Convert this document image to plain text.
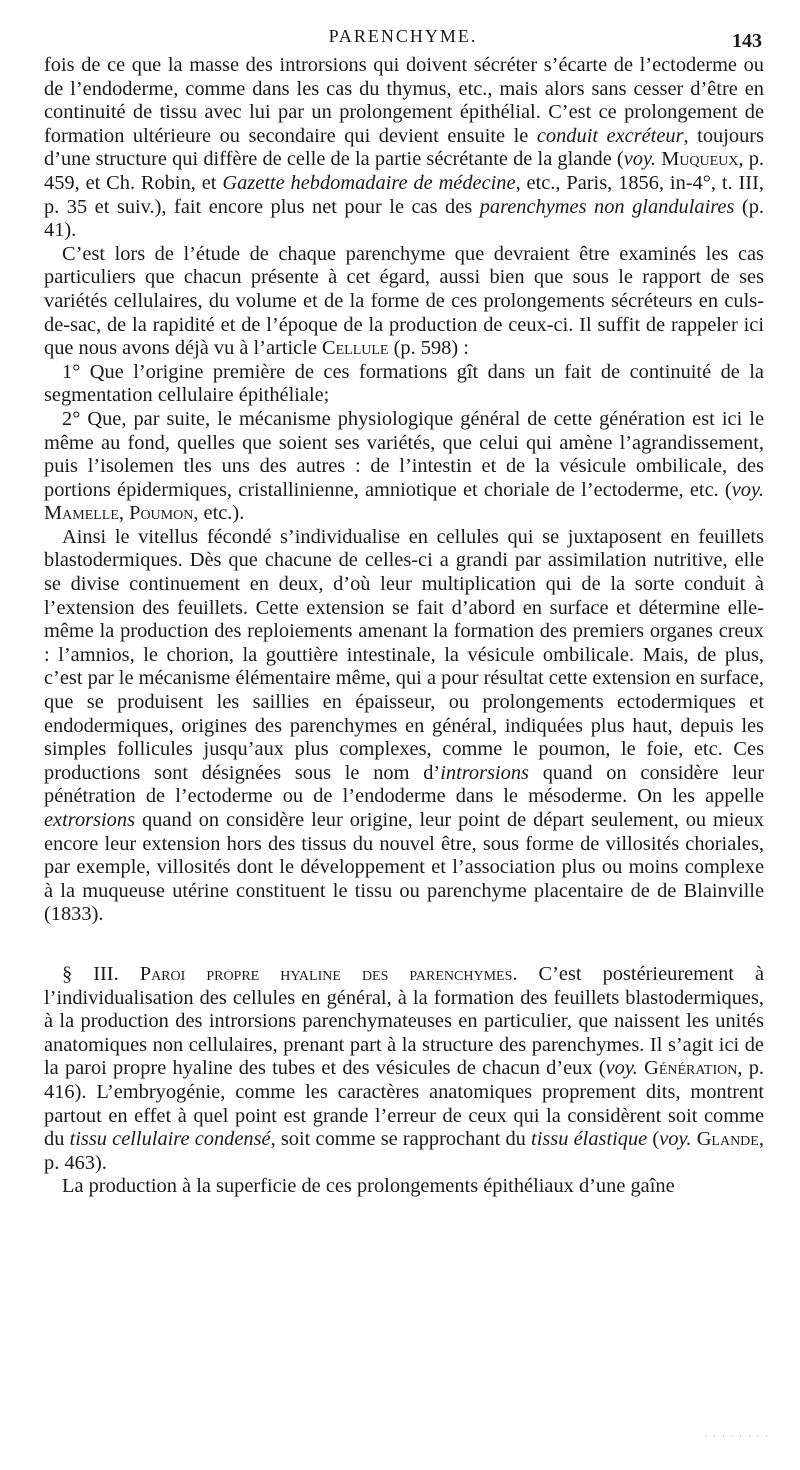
PARENCHYME.	143

fois de ce que la masse des introrsions qui doivent sécréter s’écarte de l’ectoderme ou de l’endoderme, comme dans les cas du thymus, etc., mais alors sans cesser d’être en continuité de tissu avec lui par un prolongement épithélial. C’est ce prolongement de formation ultérieure ou secondaire qui devient ensuite le conduit excréteur, toujours d’une structure qui diffère de celle de la partie sécrétante de la glande (voy. Muqueux, p. 459, et Ch. Robin, et Gazette hebdomadaire de médecine, etc., Paris, 1856, in-4°, t. III, p. 35 et suiv.), fait encore plus net pour le cas des parenchymes non glandulaires (p. 41).

C’est lors de l’étude de chaque parenchyme que devraient être examinés les cas particuliers que chacun présente à cet égard, aussi bien que sous le rapport de ses variétés cellulaires, du volume et de la forme de ces prolongements sécréteurs en culs-de-sac, de la rapidité et de l’époque de la production de ceux-ci. Il suffit de rappeler ici que nous avons déjà vu à l’article Cellule (p. 598) :

1° Que l’origine première de ces formations gît dans un fait de continuité de la segmentation cellulaire épithéliale;

2° Que, par suite, le mécanisme physiologique général de cette génération est ici le même au fond, quelles que soient ses variétés, que celui qui amène l’agrandissement, puis l’isolemen tles uns des autres : de l’intestin et de la vésicule ombilicale, des portions épidermiques, cristallinienne, amniotique et choriale de l’ectoderme, etc. (voy. Mamelle, Poumon, etc.).

Ainsi le vitellus fécondé s’individualise en cellules qui se juxtaposent en feuillets blastodermiques. Dès que chacune de celles-ci a grandi par assimilation nutritive, elle se divise continuement en deux, d’où leur multiplication qui de la sorte conduit à l’extension des feuillets. Cette extension se fait d’abord en surface et détermine elle-même la production des reploiements amenant la formation des premiers organes creux : l’amnios, le chorion, la gouttière intestinale, la vésicule ombilicale. Mais, de plus, c’est par le mécanisme élémentaire même, qui a pour résultat cette extension en surface, que se produisent les saillies en épaisseur, ou prolongements ectodermiques et endodermiques, origines des parenchymes en général, indiquées plus haut, depuis les simples follicules jusqu’aux plus complexes, comme le poumon, le foie, etc. Ces productions sont désignées sous le nom d’introrsions quand on considère leur pénétration de l’ectoderme ou de l’endoderme dans le mésoderme. On les appelle extrorsions quand on considère leur origine, leur point de départ seulement, ou mieux encore leur extension hors des tissus du nouvel être, sous forme de villosités choriales, par exemple, villosités dont le développement et l’association plus ou moins complexe à la muqueuse utérine constituent le tissu ou parenchyme placentaire de de Blainville (1833).

§ III. Paroi propre hyaline des parenchymes. C’est postérieurement à l’individualisation des cellules en général, à la formation des feuillets blastodermiques, à la production des introrsions parenchymateuses en particulier, que naissent les unités anatomiques non cellulaires, prenant part à la structure des parenchymes. Il s’agit ici de la paroi propre hyaline des tubes et des vésicules de chacun d’eux (voy. Génération, p. 416). L’embryogénie, comme les caractères anatomiques proprement dits, montrent partout en effet à quel point est grande l’erreur de ceux qui la considèrent soit comme du tissu cellulaire condensé, soit comme se rapprochant du tissu élastique (voy. Glande, p. 463).

La production à la superficie de ces prolongements épithéliaux d’une gaîne

· · · · · · · ·
